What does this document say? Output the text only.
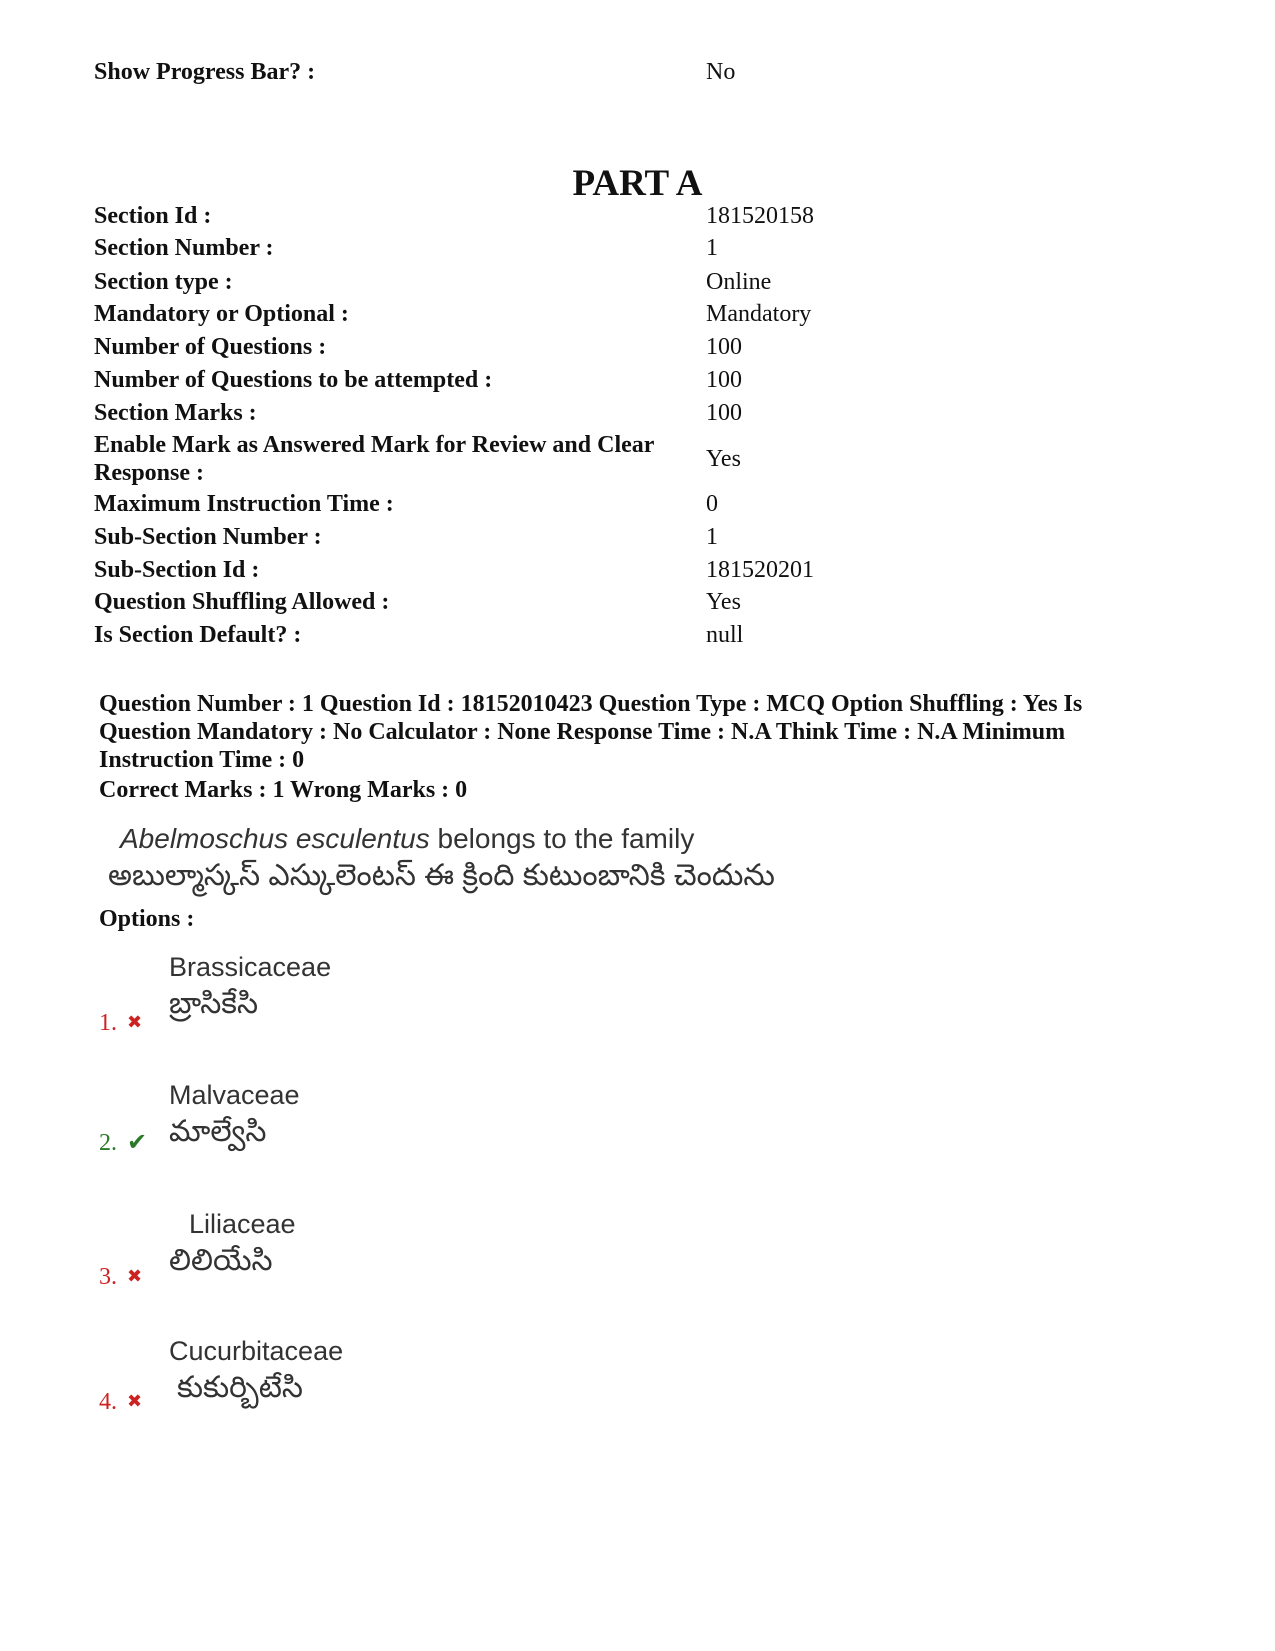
Show Progress Bar? :	No
PART A
Section Id :	181520158
Section Number :	1
Section type :	Online
Mandatory or Optional :	Mandatory
Number of Questions :	100
Number of Questions to be attempted :	100
Section Marks :	100
Enable Mark as Answered Mark for Review and Clear Response :
Yes
Maximum Instruction Time :	0
Sub-Section Number :	1
Sub-Section Id :	181520201
Question Shuffling Allowed :	Yes
Is Section Default? :	null
Question Number : 1 Question Id : 18152010423 Question Type : MCQ Option Shuffling : Yes Is Question Mandatory : No Calculator : None Response Time : N.A Think Time : N.A Minimum Instruction Time : 0
Correct Marks : 1 Wrong Marks : 0
Abelmoschus esculentus belongs to the family
అబుల్మాస్కస్ ఎస్కులెంటస్ ఈ క్రింది కుటుంబానికి చెందును
Options :
Brassicaceae
బ్రాసికేసి
1. ✖
Malvaceae
మాల్వేసి
2. ✔
Liliaceae
లిలియేసి
3. ✖
Cucurbitaceae
కుకుర్బిటేసి
4. ✖
